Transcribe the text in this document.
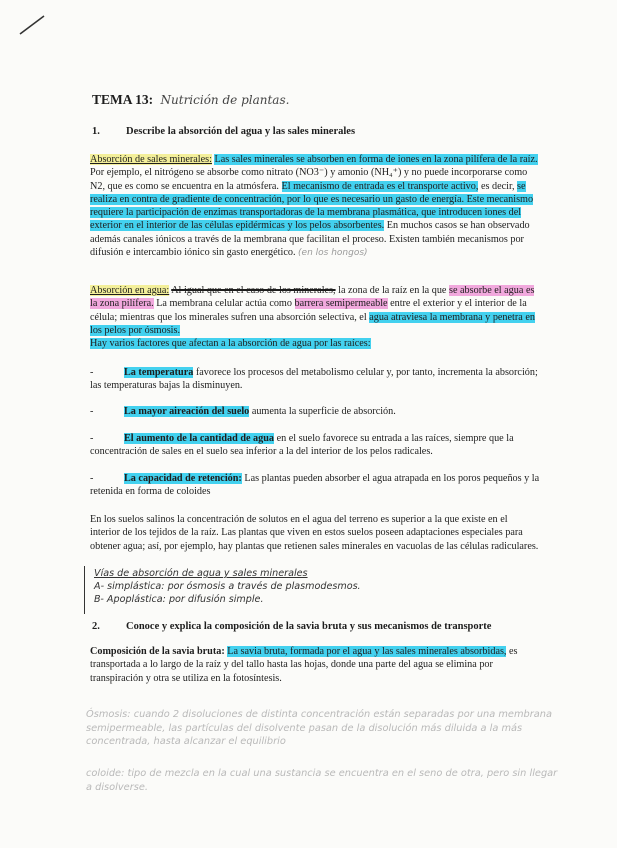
TEMA 13: Nutrición de plantas.
1. Describe la absorción del agua y las sales minerales
Absorción de sales minerales: Las sales minerales se absorben en forma de iones en la zona pilífera de la raíz. Por ejemplo, el nitrógeno se absorbe como nitrato (NO3⁻) y amonio (NH₄⁺) y no puede incorporarse como N2, que es como se encuentra en la atmósfera. El mecanismo de entrada es el transporte activo, es decir, se realiza en contra de gradiente de concentración, por lo que es necesario un gasto de energía. Este mecanismo requiere la participación de enzimas transportadoras de la membrana plasmática, que introducen iones del exterior en el interior de las células epidérmicas y los pelos absorbentes. En muchos casos se han observado además canales iónicos a través de la membrana que facilitan el proceso. Existen también mecanismos por difusión e intercambio iónico sin gasto energético. (en los hongos)
Absorción en agua: Al igual que en el caso de los minerales, la zona de la raíz en la que se absorbe el agua es la zona pilífera. La membrana celular actúa como barrera semipermeable entre el exterior y el interior de la célula; mientras que los minerales sufren una absorción selectiva, el agua atraviesa la membrana y penetra en los pelos por ósmosis.
Hay varios factores que afectan a la absorción de agua por las raíces:
-	La temperatura favorece los procesos del metabolismo celular y, por tanto, incrementa la absorción; las temperaturas bajas la disminuyen.
-	La mayor aireación del suelo aumenta la superficie de absorción.
-	El aumento de la cantidad de agua en el suelo favorece su entrada a las raíces, siempre que la concentración de sales en el suelo sea inferior a la del interior de los pelos radicales.
-	La capacidad de retención: Las plantas pueden absorber el agua atrapada en los poros pequeños y la retenida en forma de coloides
En los suelos salinos la concentración de solutos en el agua del terreno es superior a la que existe en el interior de los tejidos de la raíz. Las plantas que viven en estos suelos poseen adaptaciones especiales para obtener agua; así, por ejemplo, hay plantas que retienen sales minerales en vacuolas de las células radiculares.
Vías de absorción de agua y sales minerales
A- simplástica: por ósmosis a través de plasmodesmos.
B- Apoplástica: por difusión simple.
2. Conoce y explica la composición de la savia bruta y sus mecanismos de transporte
Composición de la savia bruta: La savia bruta, formada por el agua y las sales minerales absorbidas, es transportada a lo largo de la raíz y del tallo hasta las hojas, donde una parte del agua se elimina por transpiración y otra se utiliza en la fotosíntesis.
Ósmosis: cuando 2 disoluciones de distinta concentración están separadas por una membrana semipermeable, las partículas del disolvente pasan de la disolución más diluida a la más concentrada, hasta alcanzar el equilibrio
coloide: tipo de mezcla en la cual una sustancia se encuentra en el seno de otra, pero sin llegar a disolverse.
